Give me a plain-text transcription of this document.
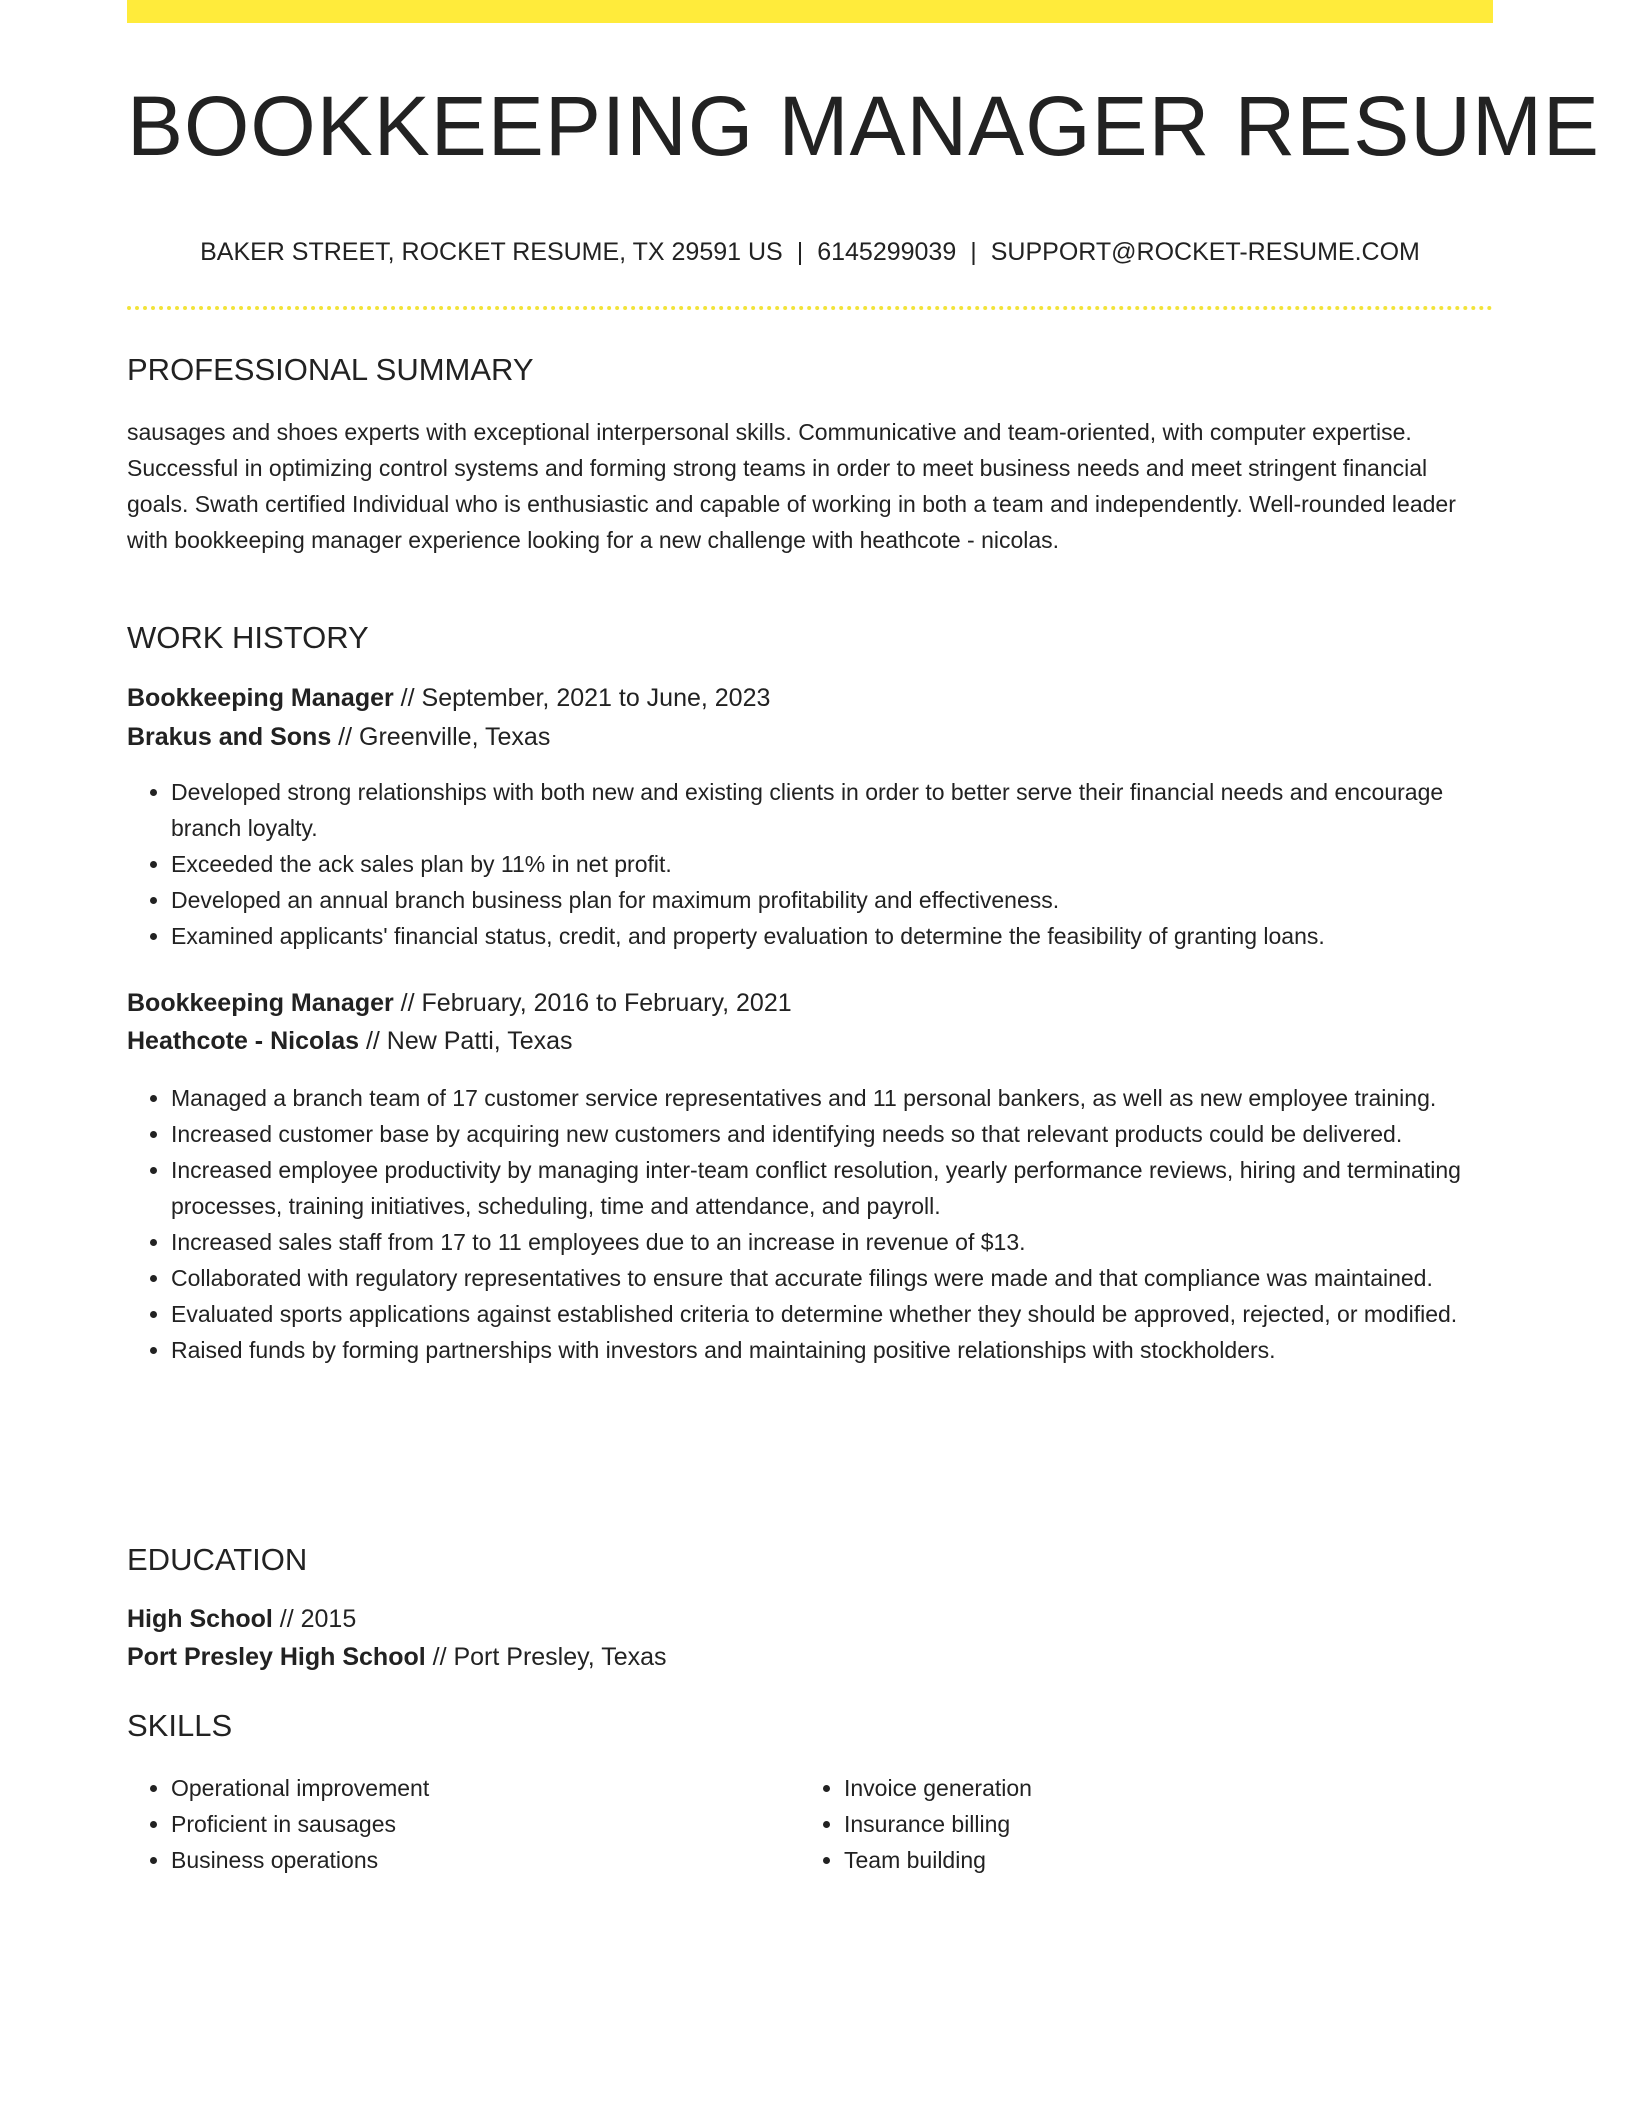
BOOKKEEPING MANAGER RESUME
BAKER STREET, ROCKET RESUME, TX 29591 US | 6145299039 | SUPPORT@ROCKET-RESUME.COM
PROFESSIONAL SUMMARY

sausages and shoes experts with exceptional interpersonal skills. Communicative and team-oriented, with computer expertise. Successful in optimizing control systems and forming strong teams in order to meet business needs and meet stringent financial goals. Swath certified Individual who is enthusiastic and capable of working in both a team and independently. Well-rounded leader with bookkeeping manager experience looking for a new challenge with heathcote - nicolas.

WORK HISTORY
Bookkeeping Manager // September, 2021 to June, 2023
Brakus and Sons // Greenville, Texas
• Developed strong relationships with both new and existing clients in order to better serve their financial needs and encourage branch loyalty.
• Exceeded the ack sales plan by 11% in net profit.
• Developed an annual branch business plan for maximum profitability and effectiveness.
• Examined applicants' financial status, credit, and property evaluation to determine the feasibility of granting loans.
Bookkeeping Manager // February, 2016 to February, 2021
Heathcote - Nicolas // New Patti, Texas
• Managed a branch team of 17 customer service representatives and 11 personal bankers, as well as new employee training.
• Increased customer base by acquiring new customers and identifying needs so that relevant products could be delivered.
• Increased employee productivity by managing inter-team conflict resolution, yearly performance reviews, hiring and terminating processes, training initiatives, scheduling, time and attendance, and payroll.
• Increased sales staff from 17 to 11 employees due to an increase in revenue of $13.
• Collaborated with regulatory representatives to ensure that accurate filings were made and that compliance was maintained.
• Evaluated sports applications against established criteria to determine whether they should be approved, rejected, or modified.
• Raised funds by forming partnerships with investors and maintaining positive relationships with stockholders.
EDUCATION
High School // 2015
Port Presley High School // Port Presley, Texas
SKILLS
• Operational improvement
• Proficient in sausages
• Business operations
• Invoice generation
• Insurance billing
• Team building
